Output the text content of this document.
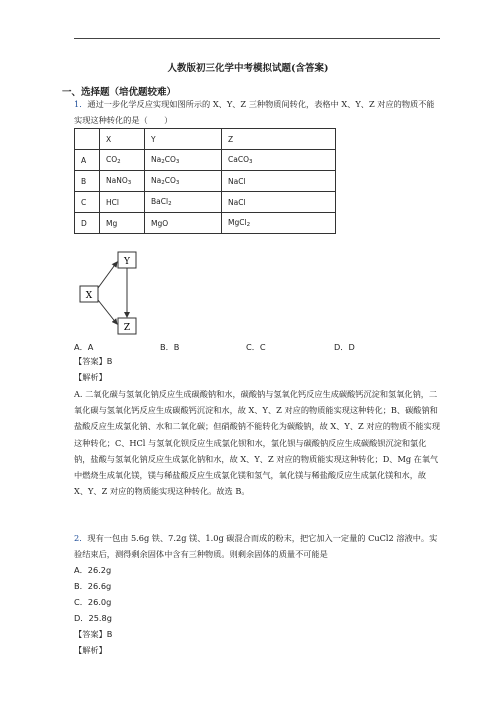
人教版初三化学中考模拟试题(含答案)
一、选择题（培优题较难）
1．通过一步化学反应实现如图所示的 X、Y、Z 三种物质间转化，表格中 X、Y、Z 对应的物质不能实现这种转化的是（　　）
	X	Y	Z
A	$CO_2$	$Na_2CO_3$	CaCO$_3$
B	NaNO$_3$	$Na_2CO_3$	NaCl
C	HCl	BaCl$_2$	NaCl
D	Mg	MgO	MgCl$_2$
X
Y
Z
A．A	B．B	C．C	D．D
【答案】B
【解析】
A. 二氧化碳与氢氧化钠反应生成碳酸钠和水，碳酸钠与氢氧化钙反应生成碳酸钙沉淀和氢氧化钠，二氧化碳与氢氧化钙反应生成碳酸钙沉淀和水，故 X、Y、Z 对应的物质能实现这种转化；B、碳酸钠和盐酸反应生成氯化钠、水和二氧化碳；但硝酸钠不能转化为碳酸钠，故 X、Y、Z 对应的物质不能实现这种转化；C、HCl 与氢氧化钡反应生成氯化钡和水，氯化钡与碳酸钠反应生成碳酸钡沉淀和氯化钠，盐酸与氢氧化钠反应生成氯化钠和水，故 X、Y、Z 对应的物质能实现这种转化；D、Mg 在氧气中燃烧生成氧化镁，镁与稀盐酸反应生成氯化镁和氢气，氧化镁与稀盐酸反应生成氯化镁和水，故 X、Y、Z 对应的物质能实现这种转化。故选 B。
2．现有一包由 5.6g 铁、7.2g 镁、1.0g 碳混合而成的粉末，把它加入一定量的 CuCl2 溶液中。实验结束后，测得剩余固体中含有三种物质。则剩余固体的质量不可能是
A．26.2g
B．26.6g
C．26.0g
D．25.8g
【答案】B
【解析】
